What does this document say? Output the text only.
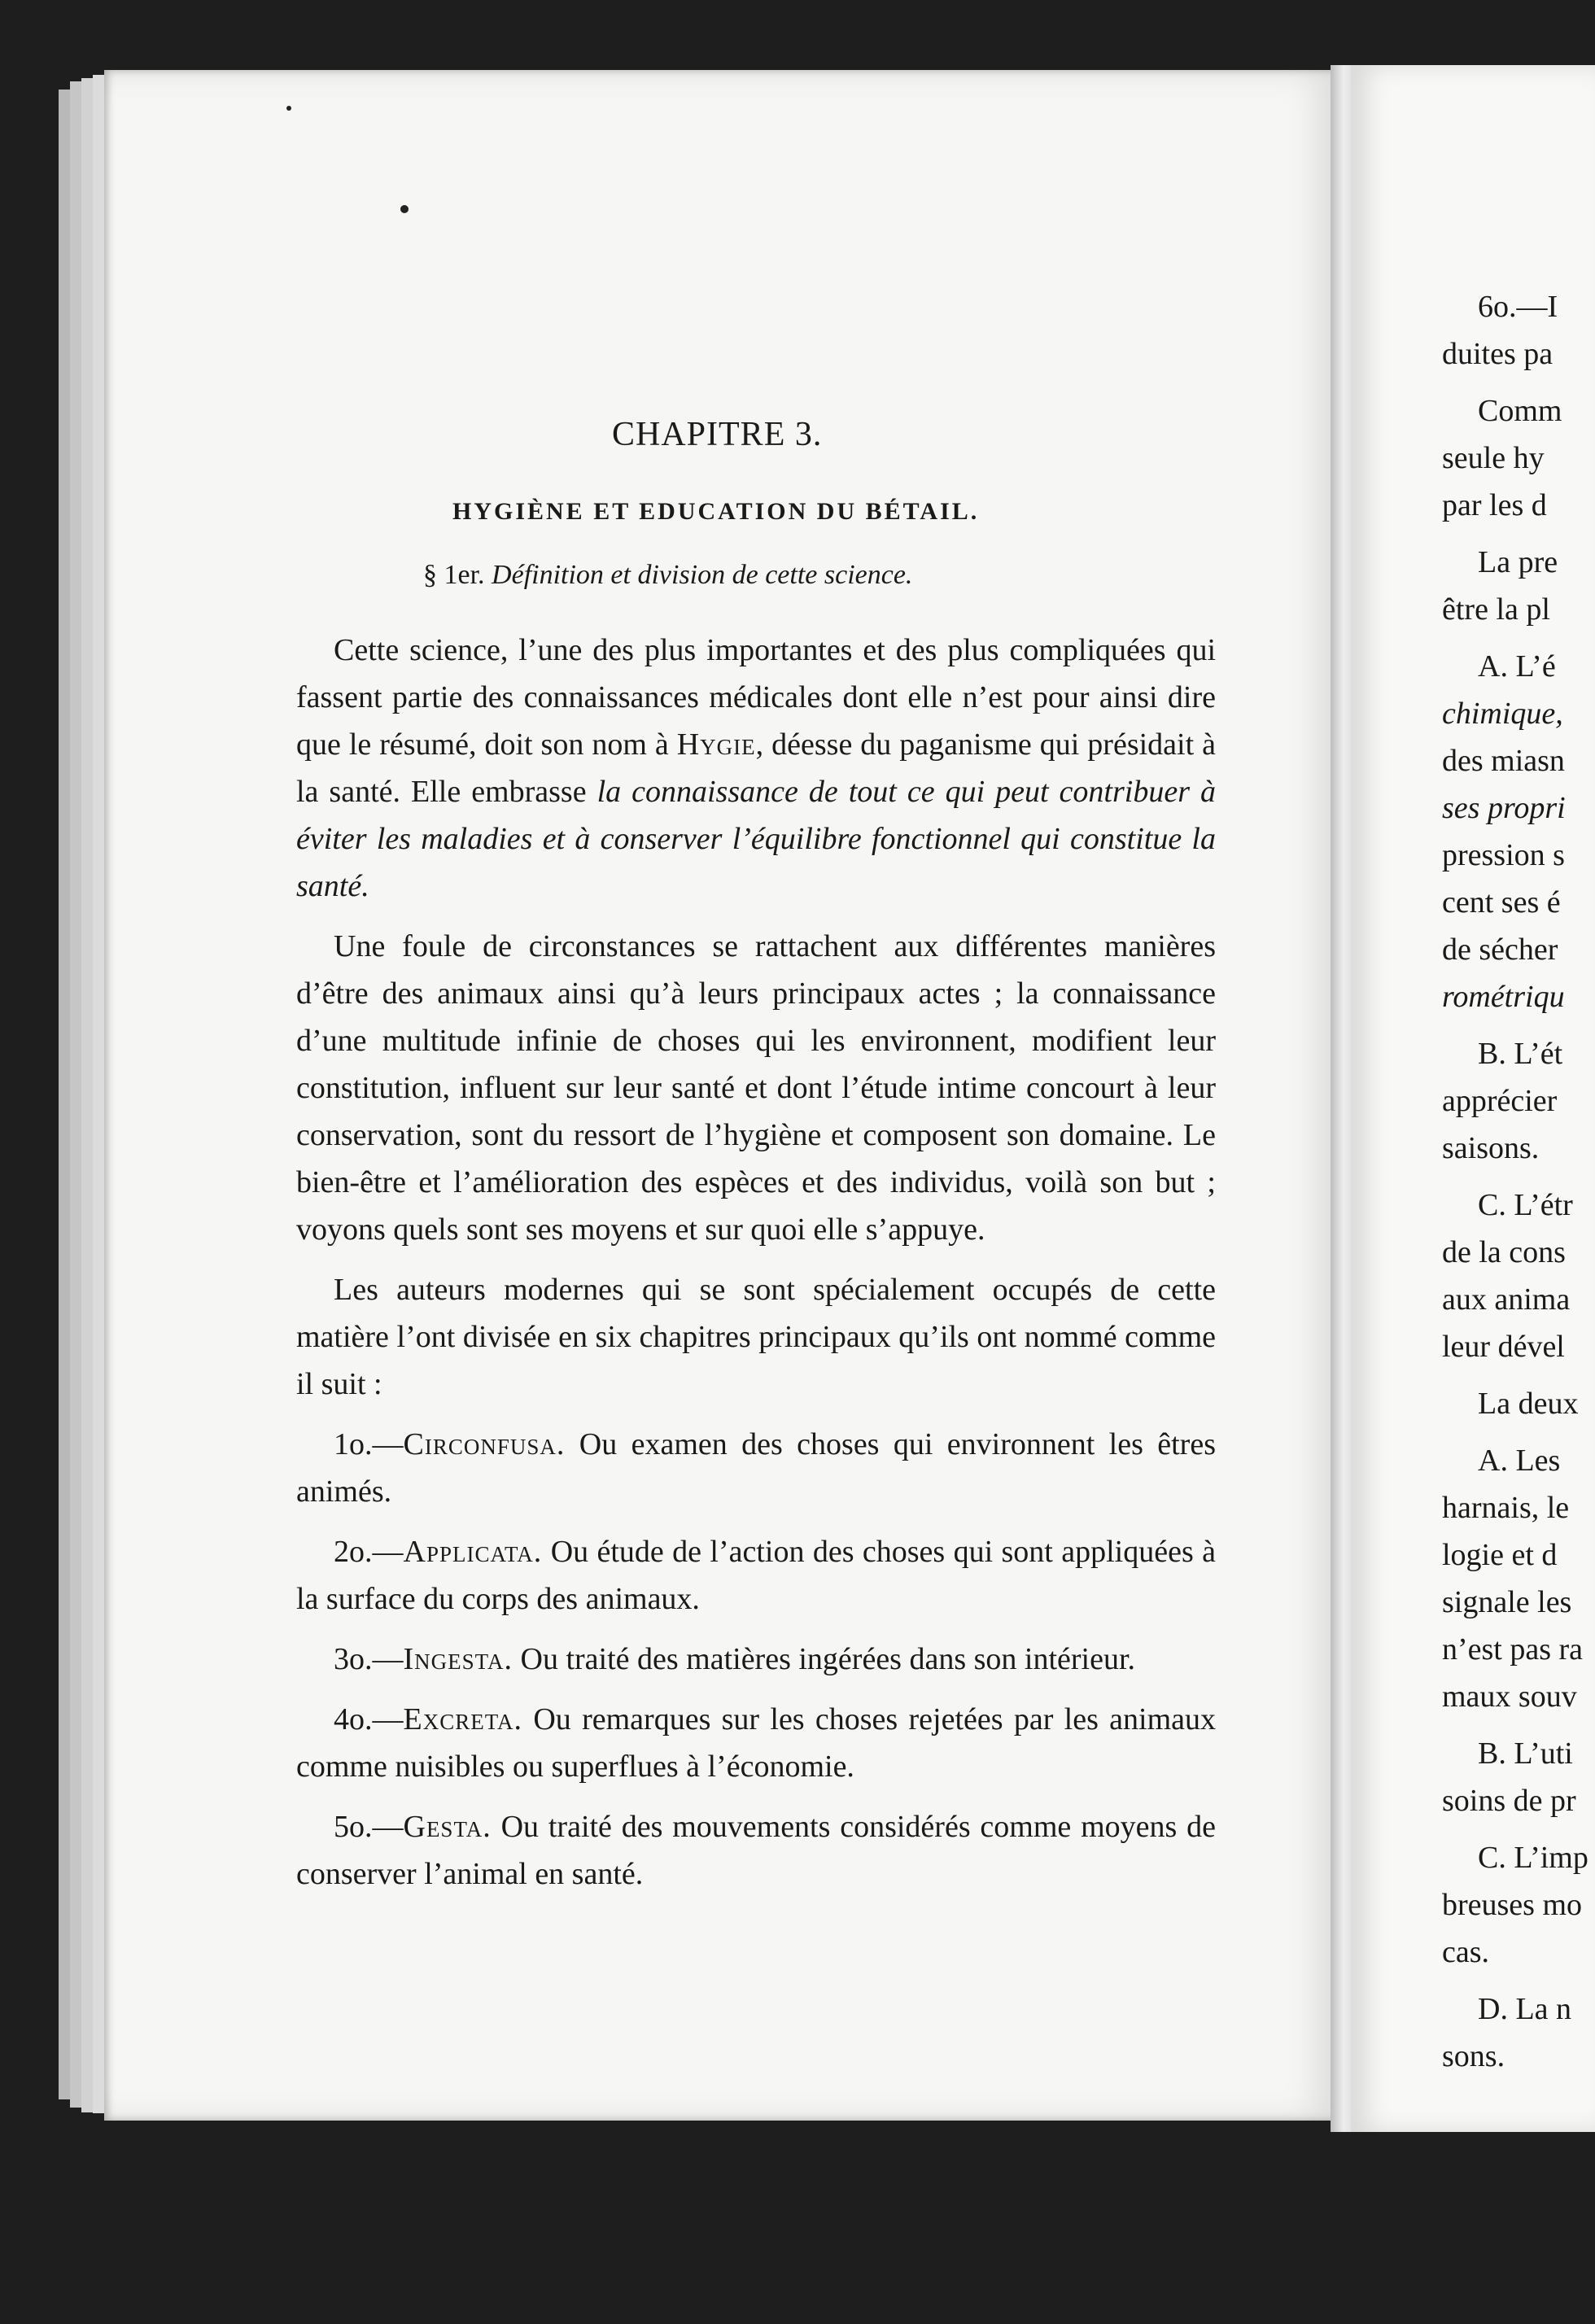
CHAPITRE 3.
HYGIÈNE ET EDUCATION DU BÉTAIL.
§ 1er. Définition et division de cette science.

Cette science, l’une des plus importantes et des plus compliquées qui fassent partie des connaissances médicales dont elle n’est pour ainsi dire que le résumé, doit son nom à Hygie, déesse du paganisme qui présidait à la santé. Elle embrasse la connaissance de tout ce qui peut contribuer à éviter les maladies et à conserver l’équilibre fonctionnel qui constitue la santé.

Une foule de circonstances se rattachent aux différentes manières d’être des animaux ainsi qu’à leurs principaux actes ; la connaissance d’une multitude infinie de choses qui les environnent, modifient leur constitution, influent sur leur santé et dont l’étude intime concourt à leur conservation, sont du ressort de l’hygiène et composent son domaine. Le bien-être et l’amélioration des espèces et des individus, voilà son but ; voyons quels sont ses moyens et sur quoi elle s’appuye.

Les auteurs modernes qui se sont spécialement occupés de cette matière l’ont divisée en six chapitres principaux qu’ils ont nommé comme il suit :

1o.—Circonfusa. Ou examen des choses qui environnent les êtres animés.

2o.—Applicata. Ou étude de l’action des choses qui sont appliquées à la surface du corps des animaux.

3o.—Ingesta. Ou traité des matières ingérées dans son intérieur.

4o.—Excreta. Ou remarques sur les choses rejetées par les animaux comme nuisibles ou superflues à l’économie.

5o.—Gesta. Ou traité des mouvements considérés comme moyens de conserver l’animal en santé.

6o.—I
duites pa
Comm
seule hy
par les d
La pre
être la pl
A. L’é
chimique,
des miasn
ses propri
pression s
cent ses é
de sécher
rométriqu
B. L’ét
apprécier
saisons.
C. L’étr
de la cons
aux anima
leur dével
La deux
A. Les
harnais, le
logie et d
signale les
n’est pas ra
maux souv
B. L’uti
soins de pr
C. L’imp
breuses mo
cas.
D. La n
sons.
